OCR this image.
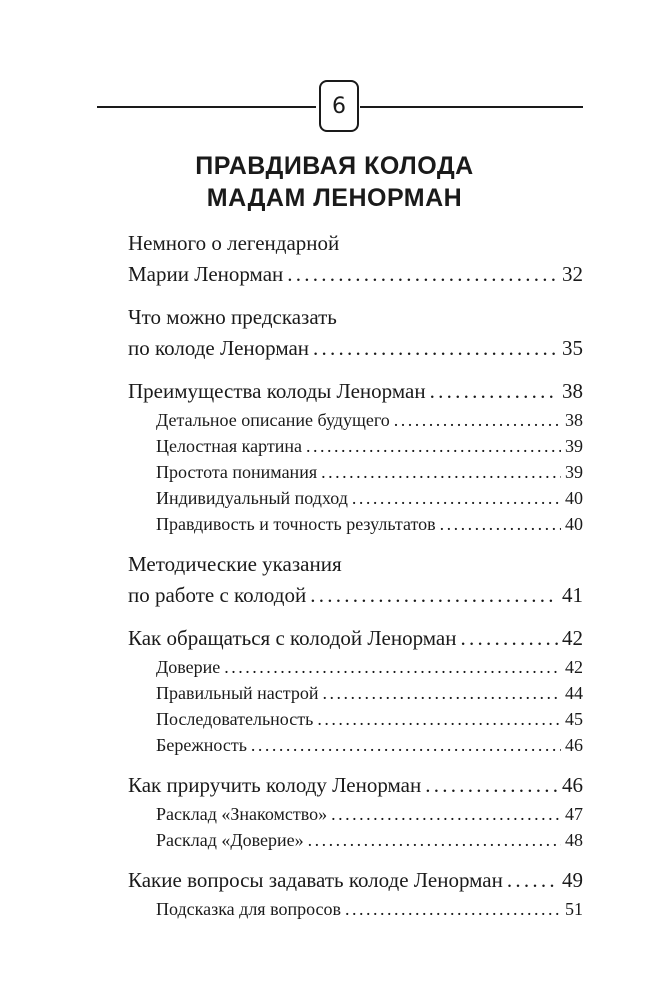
6
ПРАВДИВАЯ КОЛОДА
МАДАМ ЛЕНОРМАН
Немного о легендарной
Марии Ленорман . . .	32
Что можно предсказать
по колоде Ленорман . . .	35
Преимущества колоды Ленорман . . .	38
Детальное описание будущего . . .	38
Целостная картина . . .	39
Простота понимания . . .	39
Индивидуальный подход . . .	40
Правдивость и точность результатов . . .	40
Методические указания
по работе с колодой . . .	41
Как обращаться с колодой Ленорман . . .	42
Доверие . . .	42
Правильный настрой . . .	44
Последовательность . . .	45
Бережность . . .	46
Как приручить колоду Ленорман . . .	46
Расклад «Знакомство» . . .	47
Расклад «Доверие» . . .	48
Какие вопросы задавать колоде Ленорман . . .	49
Подсказка для вопросов . . .	51
